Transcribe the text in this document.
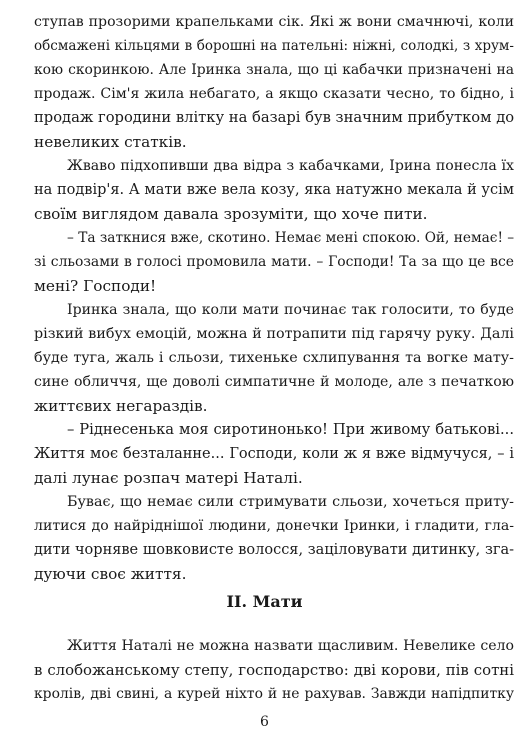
ступав прозорими крапельками сік. Які ж вони смачнючі, коли
обсмажені кільцями в борошні на пательні: ніжні, солодкі, з хрум-
кою скоринкою. Але Іринка знала, що ці кабачки призначені на
продаж. Сім'я жила небагато, а якщо сказати чесно, то бідно, і
продаж городини влітку на базарі був значним прибутком до
невеликих статків.
Жваво підхопивши два відра з кабачками, Ірина понесла їх
на подвір'я. А мати вже вела козу, яка натужно мекала й усім
своїм виглядом давала зрозуміти, що хоче пити.
– Та заткнися вже, скотино. Немає мені спокою. Ой, немає! –
зі сльозами в голосі промовила мати. – Господи! Та за що це все
мені? Господи!
Іринка знала, що коли мати починає так голосити, то буде
різкий вибух емоцій, можна й потрапити під гарячу руку. Далі
буде туга, жаль і сльози, тихенькe схлипування та вогке мату-
сине обличчя, ще доволі симпатичне й молоде, але з печаткою
життєвих негараздів.
– Ріднесенька моя сиротинонько! При живому батькові...
Життя моє безталанне... Господи, коли ж я вже відмучуся, – і
далі лунає розпач матері Наталі.
Буває, що немає сили стримувати сльози, хочеться притy-
литися до найріднішої людини, донечки Іринки, і гладити, гла-
дити чорняве шовковисте волосся, заціловувати дитинку, зга-
дуючи своє життя.
II. Мати
Життя Наталі не можна назвати щасливим. Невелике село
в слобожанському степу, господарство: дві корови, пів сотні
кролів, дві свині, а курей ніхто й не рахував. Завжди напідпитку
6
